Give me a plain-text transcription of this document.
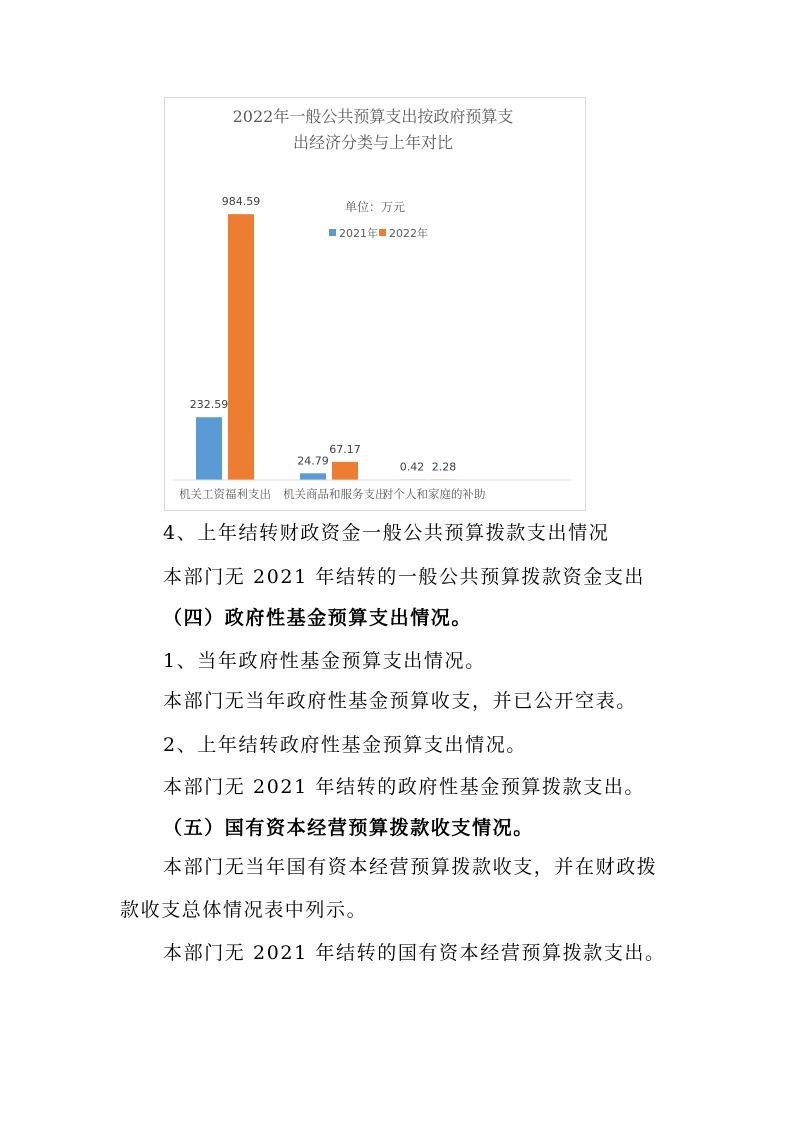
2022年一般公共预算支出按政府预算支
出经济分类与上年对比
单位：万元
2021年 2022年
232.59
984.59
24.79
67.17
0.42 2.28
机关工资福利支出 机关商品和服务支出
对个人和家庭的补助
4、上年结转财政资金一般公共预算拨款支出情况
本部门无 2021 年结转的一般公共预算拨款资金支出
（四）政府性基金预算支出情况。
1、当年政府性基金预算支出情况。
本部门无当年政府性基金预算收支，并已公开空表。
2、上年结转政府性基金预算支出情况。
本部门无 2021 年结转的政府性基金预算拨款支出。
（五）国有资本经营预算拨款收支情况。
本部门无当年国有资本经营预算拨款收支，并在财政拨
款收支总体情况表中列示。
本部门无 2021 年结转的国有资本经营预算拨款支出。
